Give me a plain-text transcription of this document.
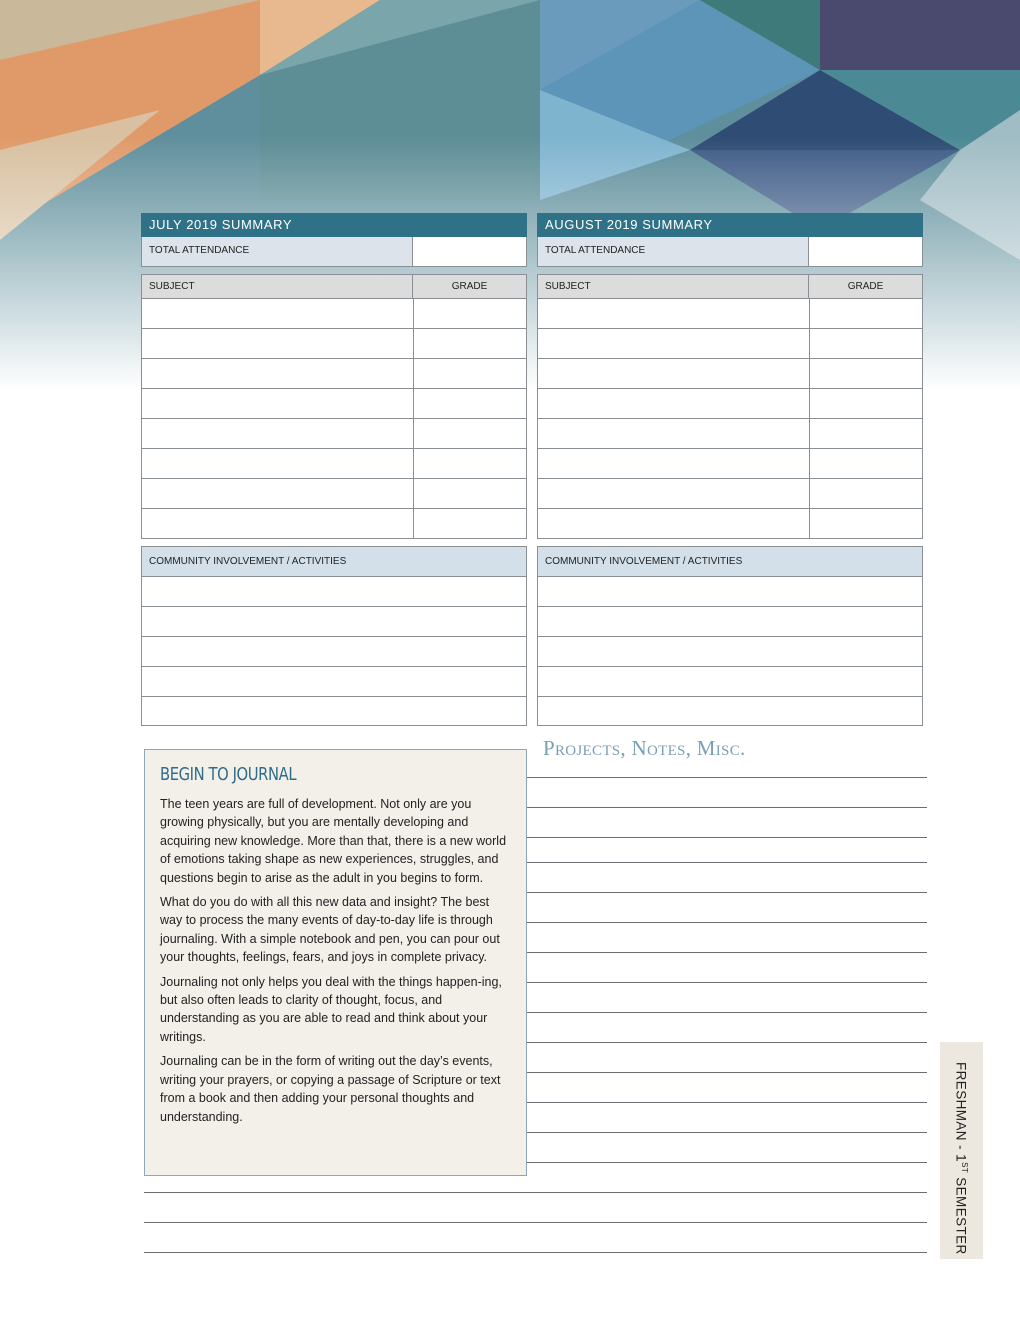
JULY 2019 SUMMARY
TOTAL ATTENDANCE
SUBJECT	GRADE
AUGUST 2019 SUMMARY
TOTAL ATTENDANCE
SUBJECT	GRADE
COMMUNITY INVOLVEMENT / ACTIVITIES	COMMUNITY INVOLVEMENT / ACTIVITIES
Projects, Notes, Misc.
BEGIN TO JOURNAL

The teen years are full of development. Not only are you growing physically, but you are mentally developing and acquiring new knowledge. More than that, there is a new world of emotions taking shape as new experiences, struggles, and questions begin to arise as the adult in you begins to form.

What do you do with all this new data and insight? The best way to process the many events of day-to-day life is through journaling. With a simple notebook and pen, you can pour out your thoughts, feelings, fears, and joys in complete privacy.

Journaling not only helps you deal with the things happen-ing, but also often leads to clarity of thought, focus, and understanding as you are able to read and think about your writings.

Journaling can be in the form of writing out the day’s events, writing your prayers, or copying a passage of Scripture or text from a book and then adding your personal thoughts and understanding.	FRESHMAN - 1ST SEMESTER
